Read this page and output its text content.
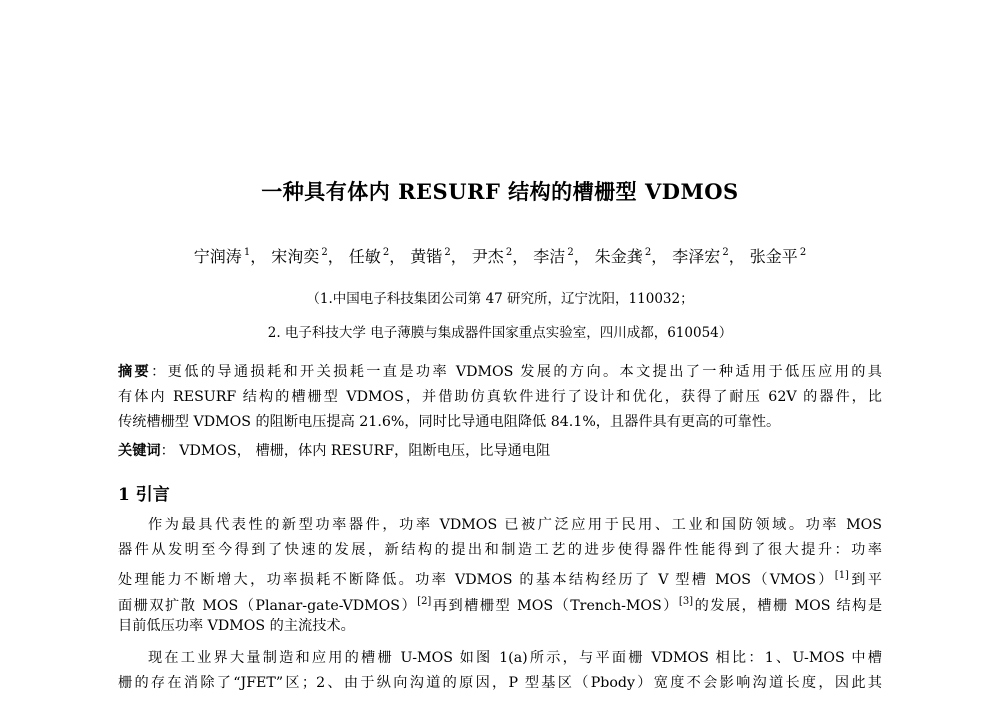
一种具有体内 RESURF 结构的槽栅型 VDMOS
宁润涛 $^1$， 宋洵奕 $^2$， 任敏 $^2$， 黄锴 $^2$， 尹杰 $^2$， 李洁 $^2$， 朱金龚 $^2$， 李泽宏 $^2$， 张金平 $^2$
（1.中国电子科技集团公司第 47 研究所，辽宁沈阳，110032；
2. 电子科技大学 电子薄膜与集成器件国家重点实验室，四川成都，610054）
摘要：更低的导通损耗和开关损耗一直是功率 VDMOS 发展的方向。本文提出了一种适用于低压应用的具
有体内 RESURF 结构的槽栅型 VDMOS，并借助仿真软件进行了设计和优化，获得了耐压 62V 的器件，比
传统槽栅型 VDMOS 的阻断电压提高 21.6%，同时比导通电阻降低 84.1%，且器件具有更高的可靠性。
关键词： VDMOS， 槽栅，体内 RESURF，阻断电压，比导通电阻
1 引言
作为最具代表性的新型功率器件，功率 VDMOS 已被广泛应用于民用、工业和国防领域。功率 MOS
器件从发明至今得到了快速的发展，新结构的提出和制造工艺的进步使得器件性能得到了很大提升：功率
处理能力不断增大，功率损耗不断降低。功率 VDMOS 的基本结构经历了 V 型槽 MOS（VMOS）[1]到平
面栅双扩散 MOS（Planar-gate-VDMOS）[2]再到槽栅型 MOS（Trench-MOS）[3]的发展，槽栅 MOS 结构是
目前低压功率 VDMOS 的主流技术。
现在工业界大量制造和应用的槽栅 U-MOS 如图 1(a)所示，与平面栅 VDMOS 相比：1、U-MOS 中槽
栅的存在消除了“JFET”区；2、由于纵向沟道的原因，P 型基区（Pbody）宽度不会影响沟道长度，因此其
